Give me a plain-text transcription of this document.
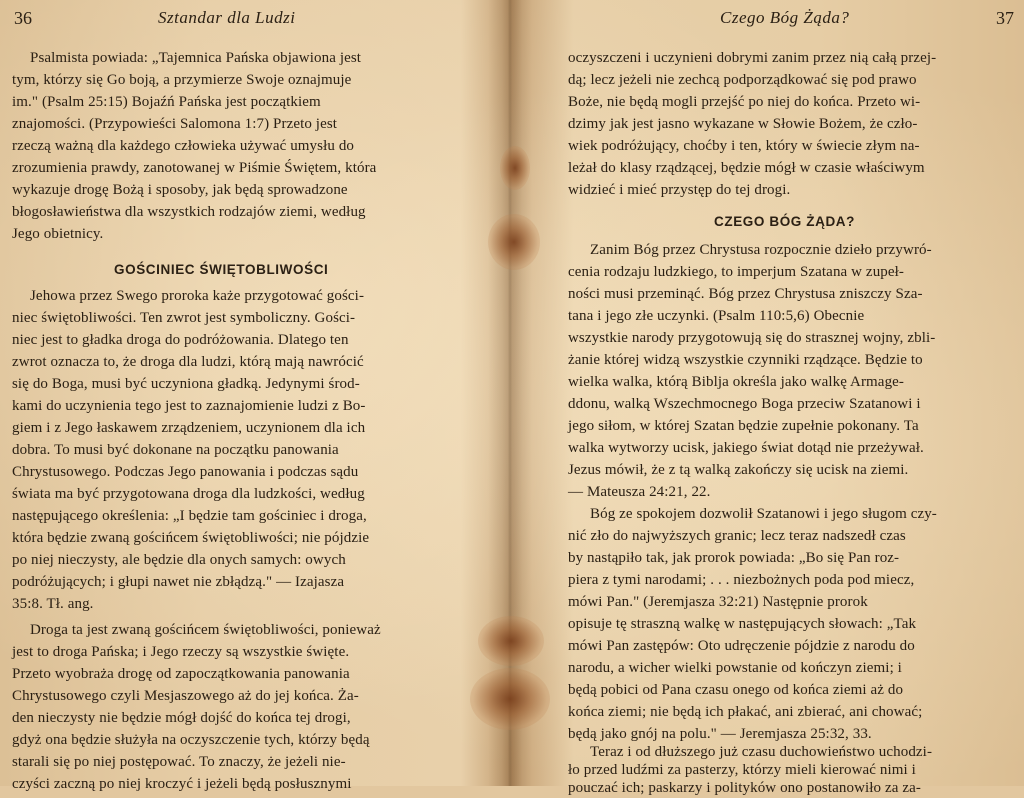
36	Sztandar dla Ludzi
Psalmista powiada: „Tajemnica Pańska objawiona jest
tym, którzy się Go boją, a przymierze Swoje oznajmuje
im." (Psalm 25:15) Bojaźń Pańska jest początkiem
znajomości. (Przypowieści Salomona 1:7) Przeto jest
rzeczą ważną dla każdego człowieka używać umysłu do
zrozumienia prawdy, zanotowanej w Piśmie Świętem, która
wykazuje drogę Bożą i sposoby, jak będą sprowadzone
błogosławieństwa dla wszystkich rodzajów ziemi, według
Jego obietnicy.
GOŚCINIEC ŚWIĘTOBLIWOŚCI
Jehowa przez Swego proroka każe przygotować gości-
niec świętobliwości. Ten zwrot jest symboliczny. Gości-
niec jest to gładka droga do podróżowania. Dlatego ten
zwrot oznacza to, że droga dla ludzi, którą mają nawrócić
się do Boga, musi być uczyniona gładką. Jedynymi środ-
kami do uczynienia tego jest to zaznajomienie ludzi z Bo-
giem i z Jego łaskawem zrządzeniem, uczynionem dla ich
dobra. To musi być dokonane na początku panowania
Chrystusowego. Podczas Jego panowania i podczas sądu
świata ma być przygotowana droga dla ludzkości, według
następującego określenia: „I będzie tam gościniec i droga,
która będzie zwaną gościńcem świętobliwości; nie pójdzie
po niej nieczysty, ale będzie dla onych samych: owych
podróżujących; i głupi nawet nie zbłądzą." — Izajasza
35:8. Tł. ang.
Droga ta jest zwaną gościńcem świętobliwości, ponieważ
jest to droga Pańska; i Jego rzeczy są wszystkie święte.
Przeto wyobraża drogę od zapoczątkowania panowania
Chrystusowego czyli Mesjaszowego aż do jej końca. Ża-
den nieczysty nie będzie mógł dojść do końca tej drogi,
gdyż ona będzie służyła na oczyszczenie tych, którzy będą
starali się po niej postępować. To znaczy, że jeżeli nie-
czyści zaczną po niej kroczyć i jeżeli będą posłusznymi
37
Czego Bóg Żąda?
oczyszczeni i uczynieni dobrymi zanim przez nią całą przej-
dą; lecz jeżeli nie zechcą podporządkować się pod prawo
Boże, nie będą mogli przejść po niej do końca. Przeto wi-
dzimy jak jest jasno wykazane w Słowie Bożem, że czło-
wiek podróżujący, choćby i ten, który w świecie złym na-
leżał do klasy rządzącej, będzie mógł w czasie właściwym
widzieć i mieć przystęp do tej drogi.
CZEGO BÓG ŻĄDA?
Zanim Bóg przez Chrystusa rozpocznie dzieło przywró-
cenia rodzaju ludzkiego, to imperjum Szatana w zupeł-
ności musi przeminąć. Bóg przez Chrystusa zniszczy Sza-
tana i jego złe uczynki. (Psalm 110:5,6) Obecnie
wszystkie narody przygotowują się do strasznej wojny, zbli-
żanie której widzą wszystkie czynniki rządzące. Będzie to
wielka walka, którą Biblja określa jako walkę Armage-
ddonu, walką Wszechmocnego Boga przeciw Szatanowi i
jego siłom, w której Szatan będzie zupełnie pokonany. Ta
walka wytworzy ucisk, jakiego świat dotąd nie przeżywał.
Jezus mówił, że z tą walką zakończy się ucisk na ziemi.
— Mateusza 24:21, 22.
Bóg ze spokojem dozwolił Szatanowi i jego sługom czy-
nić zło do najwyższych granic; lecz teraz nadszedł czas
by nastąpiło tak, jak prorok powiada: „Bo się Pan roz-
piera z tymi narodami; . . . niezbożnych poda pod miecz,
mówi Pan." (Jeremjasza 32:21) Następnie prorok
opisuje tę straszną walkę w następujących słowach: „Tak
mówi Pan zastępów: Oto udręczenie pójdzie z narodu do
narodu, a wicher wielki powstanie od kończyn ziemi; i
będą pobici od Pana czasu onego od końca ziemi aż do
końca ziemi; nie będą ich płakać, ani zbierać, ani chować;
będą jako gnój na polu." — Jeremjasza 25:32, 33.
Teraz i od dłuższego już czasu duchowieństwo uchodzi-
ło przed ludźmi za pasterzy, którzy mieli kierować nimi i
pouczać ich; paskarzy i polityków ono postanowiło za za-
